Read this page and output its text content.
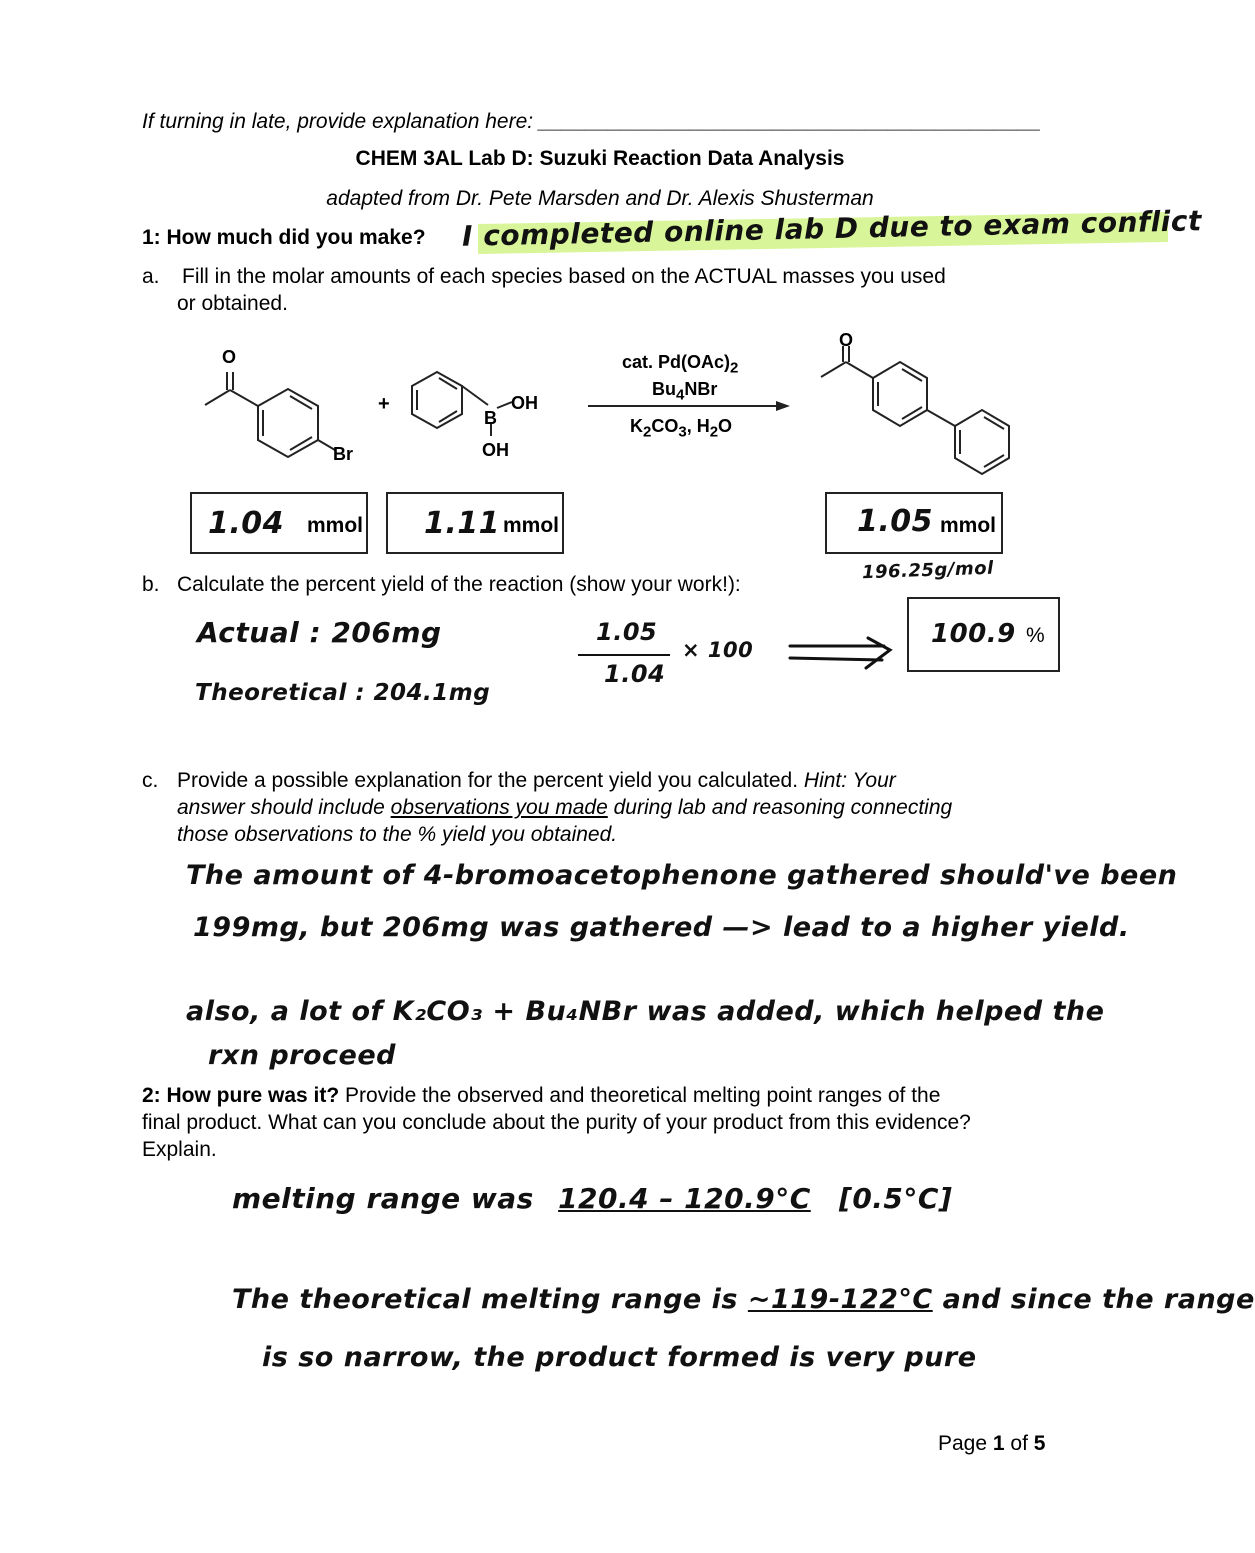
If turning in late, provide explanation here: ___________________________________________
CHEM 3AL Lab D: Suzuki Reaction Data Analysis
adapted from Dr. Pete Marsden and Dr. Alexis Shusterman
1: How much did you make? I completed online lab D due to exam conflict
a. Fill in the molar amounts of each species based on the ACTUAL masses you used
or obtained.
O
Br
+
B
OH
OH
O
cat. $Pd(OAc)_2$
$Bu_4NBr$
$K_2CO_3$, $H_2O$
1.04 mmol 1.11 mmol	1.05 mmol
196.25g/mol
b. Calculate the percent yield of the reaction (show your work!):
Actual : 206mg
Theoretical : 204.1mg
1.05
1.04
× 100
100.9 %
c. Provide a possible explanation for the percent yield you calculated. Hint: Your
answer should include observations you made during lab and reasoning connecting
those observations to the % yield you obtained.
The amount of 4-bromoacetophenone gathered should've been
199mg, but 206mg was gathered —> lead to a higher yield.
also, a lot of K₂CO₃ + Bu₄NBr was added, which helped the
rxn proceed
2: How pure was it? Provide the observed and theoretical melting point ranges of the
final product. What can you conclude about the purity of your product from this evidence?
Explain.
melting range was 120.4 – 120.9°C [0.5°C]
The theoretical melting range is ~119-122°C and since the range
is so narrow, the product formed is very pure
Page 1 of 5
